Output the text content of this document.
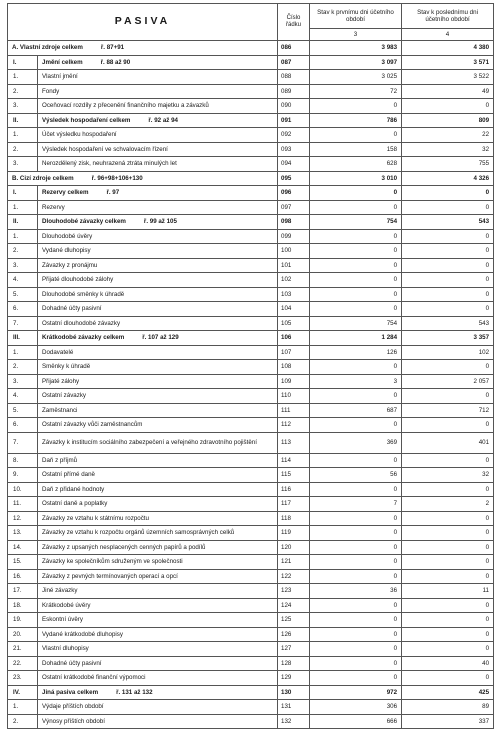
PASIVA		Číslo řádku	Stav k prvnímu dni účetního období	Stav k poslednímu dni účetního období
			3	4
A. Vlastní zdroje celkem ř. 87+91		086	3 983	4 380
I.	Jmění celkem ř. 88 až 90	087	3 097	3 571
1.	Vlastní jmění	088	3 025	3 522
2.	Fondy	089	72	49
3.	Oceňovací rozdíly z přecenění finančního majetku a závazků	090	0	0
II.	Výsledek hospodaření celkem ř. 92 až 94	091	786	809
1.	Účet výsledku hospodaření	092	0	22
2.	Výsledek hospodaření ve schvalovacím řízení	093	158	32
3.	Nerozdělený zisk, neuhrazená ztráta minulých let	094	628	755
B. Cizí zdroje celkem ř. 96+98+106+130		095	3 010	4 326
I.	Rezervy celkem ř. 97	096	0	0
1.	Rezervy	097	0	0
II.	Dlouhodobé závazky celkem ř. 99 až 105	098	754	543
1.	Dlouhodobé úvěry	099	0	0
2.	Vydané dluhopisy	100	0	0
3.	Závazky z pronájmu	101	0	0
4.	Přijaté dlouhodobé zálohy	102	0	0
5.	Dlouhodobé směnky k úhradě	103	0	0
6.	Dohadné účty pasivní	104	0	0
7.	Ostatní dlouhodobé závazky	105	754	543
III.	Krátkodobé závazky celkem ř. 107 až 129	106	1 284	3 357
1.	Dodavatelé	107	126	102
2.	Směnky k úhradě	108	0	0
3.	Přijaté zálohy	109	3	2 057
4.	Ostatní závazky	110	0	0
5.	Zaměstnanci	111	687	712
6.	Ostatní závazky vůči zaměstnancům	112	0	0
7.	Závazky k institucím sociálního zabezpečení a veřejného zdravotního pojištění	113	369	401
8.	Daň z příjmů	114	0	0
9.	Ostatní přímé daně	115	56	32
10.	Daň z přidané hodnoty	116	0	0
11.	Ostatní daně a poplatky	117	7	2
12.	Závazky ze vztahu k státnímu rozpočtu	118	0	0
13.	Závazky ze vztahu k rozpočtu orgánů územních samosprávných celků	119	0	0
14.	Závazky z upsaných nesplacených cenných papírů a podílů	120	0	0
15.	Závazky ke společníkům sdruženým ve společnosti	121	0	0
16.	Závazky z pevných termínovaných operací a opcí	122	0	0
17.	Jiné závazky	123	36	11
18.	Krátkodobé úvěry	124	0	0
19.	Eskontní úvěry	125	0	0
20.	Vydané krátkodobé dluhopisy	126	0	0
21.	Vlastní dluhopisy	127	0	0
22.	Dohadné účty pasivní	128	0	40
23.	Ostatní krátkodobé finanční výpomoci	129	0	0
IV.	Jiná pasiva celkem ř. 131 až 132	130	972	425
1.	Výdaje příštích období	131	306	89
2.	Výnosy příštích období	132	666	337
